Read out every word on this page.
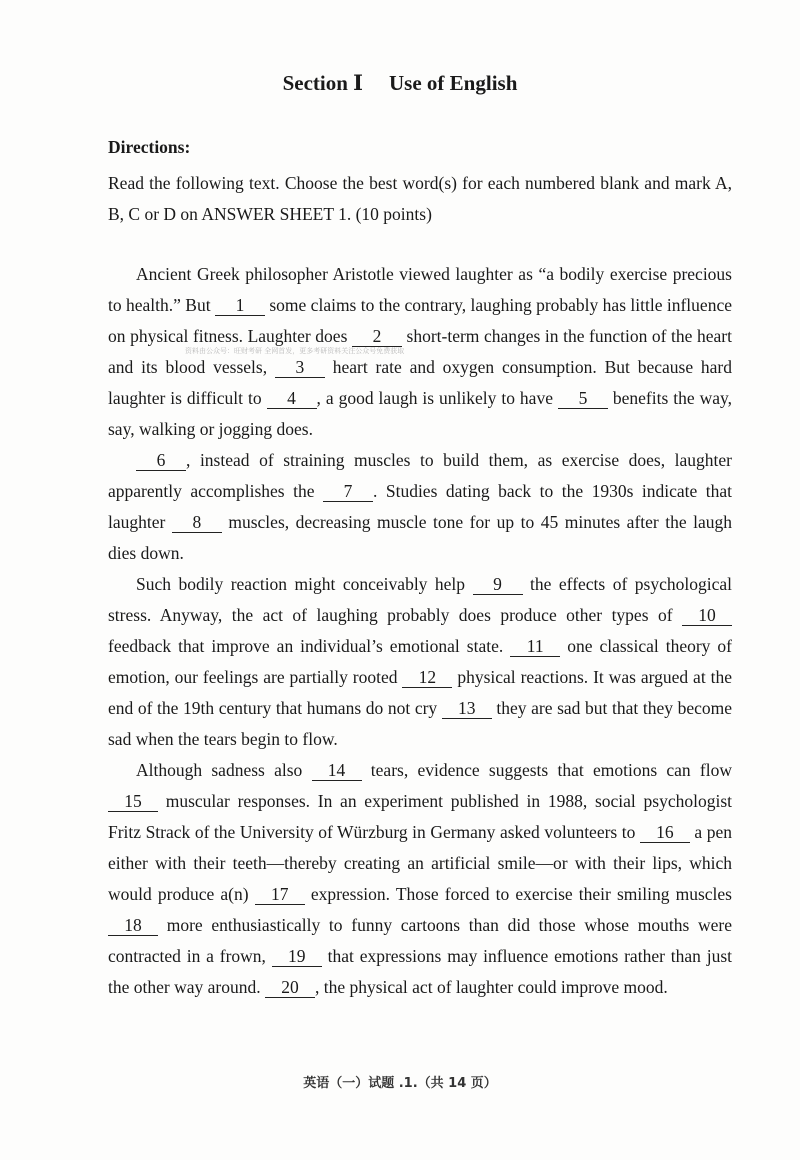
Section Ⅰ Use of English
Directions:
Read the following text. Choose the best word(s) for each numbered blank and mark A, B, C or D on ANSWER SHEET 1. (10 points)
资料由公众号：旺财考研 全网首发，更多考研资料关注公众号免费获取

Ancient Greek philosopher Aristotle viewed laughter as “a bodily exercise precious to health.” But 1 some claims to the contrary, laughing probably has little influence on physical fitness. Laughter does 2 short-term changes in the function of the heart and its blood vessels, 3 heart rate and oxygen consumption. But because hard laughter is difficult to 4 , a good laugh is unlikely to have 5 benefits the way, say, walking or jogging does.

6 , instead of straining muscles to build them, as exercise does, laughter apparently accomplishes the 7 . Studies dating back to the 1930s indicate that laughter 8 muscles, decreasing muscle tone for up to 45 minutes after the laugh dies down.

Such bodily reaction might conceivably help 9 the effects of psychological stress. Anyway, the act of laughing probably does produce other types of 10 feedback that improve an individual’s emotional state. 11 one classical theory of emotion, our feelings are partially rooted 12 physical reactions. It was argued at the end of the 19th century that humans do not cry 13 they are sad but that they become sad when the tears begin to flow.

Although sadness also 14 tears, evidence suggests that emotions can flow 15 muscular responses. In an experiment published in 1988, social psychologist Fritz Strack of the University of Würzburg in Germany asked volunteers to 16 a pen either with their teeth—thereby creating an artificial smile—or with their lips, which would produce a(n) 17 expression. Those forced to exercise their smiling muscles 18 more enthusiastically to funny cartoons than did those whose mouths were contracted in a frown, 19 that expressions may influence emotions rather than just the other way around. 20 , the physical act of laughter could improve mood.

英语（一）试题 .1.（共 14 页）
